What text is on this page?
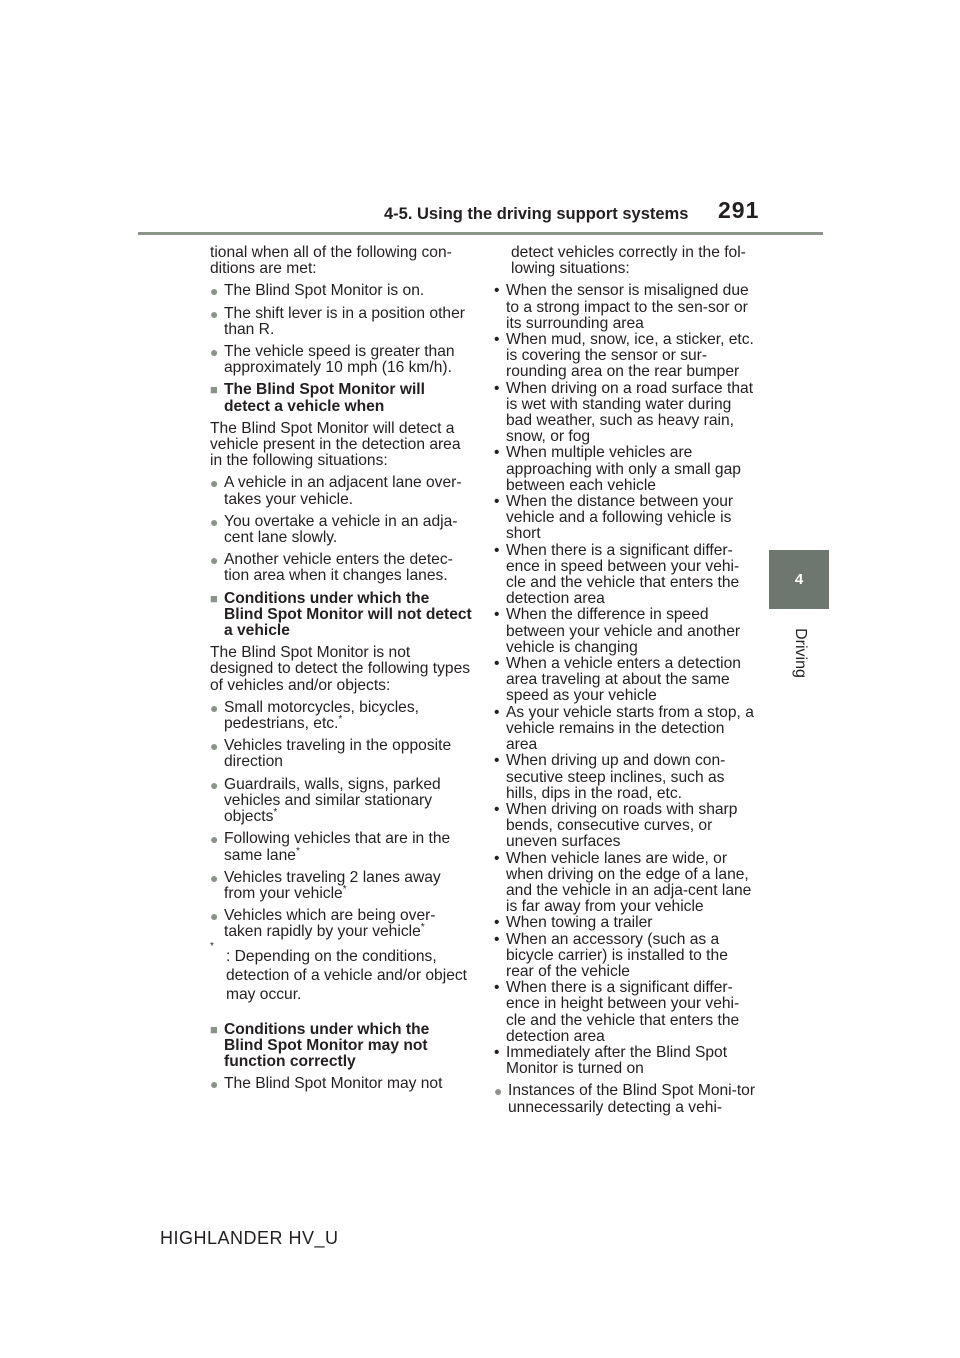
4-5. Using the driving support systems 291
4
Driving
HIGHLANDER HV_U

tional when all of the following con-ditions are met:

● The Blind Spot Monitor is on.
● The shift lever is in a position other than R.
● The vehicle speed is greater than approximately 10 mph (16 km/h).
■ The Blind Spot Monitor will detect a vehicle when

The Blind Spot Monitor will detect a vehicle present in the detection area in the following situations:

● A vehicle in an adjacent lane over-takes your vehicle.
● You overtake a vehicle in an adja-cent lane slowly.
● Another vehicle enters the detec-tion area when it changes lanes.
■ Conditions under which the Blind Spot Monitor will not detect a vehicle

The Blind Spot Monitor is not designed to detect the following types of vehicles and/or objects:

● Small motorcycles, bicycles, pedestrians, etc.*
● Vehicles traveling in the opposite direction
● Guardrails, walls, signs, parked vehicles and similar stationary objects*
● Following vehicles that are in the same lane*
● Vehicles traveling 2 lanes away from your vehicle*
● Vehicles which are being over-taken rapidly by your vehicle*
*
: Depending on the conditions, detection of a vehicle and/or object may occur.
■ Conditions under which the Blind Spot Monitor may not function correctly
● The Blind Spot Monitor may not

detect vehicles correctly in the fol-lowing situations:

• When the sensor is misaligned due to a strong impact to the sen-sor or its surrounding area
• When mud, snow, ice, a sticker, etc. is covering the sensor or sur-rounding area on the rear bumper
• When driving on a road surface that is wet with standing water during bad weather, such as heavy rain, snow, or fog
• When multiple vehicles are approaching with only a small gap between each vehicle
• When the distance between your vehicle and a following vehicle is short
• When there is a significant differ-ence in speed between your vehi-cle and the vehicle that enters the detection area
• When the difference in speed between your vehicle and another vehicle is changing
• When a vehicle enters a detection area traveling at about the same speed as your vehicle
• As your vehicle starts from a stop, a vehicle remains in the detection area
• When driving up and down con-secutive steep inclines, such as hills, dips in the road, etc.
• When driving on roads with sharp bends, consecutive curves, or uneven surfaces
• When vehicle lanes are wide, or when driving on the edge of a lane, and the vehicle in an adja-cent lane is far away from your vehicle
• When towing a trailer
• When an accessory (such as a bicycle carrier) is installed to the rear of the vehicle
• When there is a significant differ-ence in height between your vehi-cle and the vehicle that enters the detection area
• Immediately after the Blind Spot Monitor is turned on
● Instances of the Blind Spot Moni-tor unnecessarily detecting a vehi-
